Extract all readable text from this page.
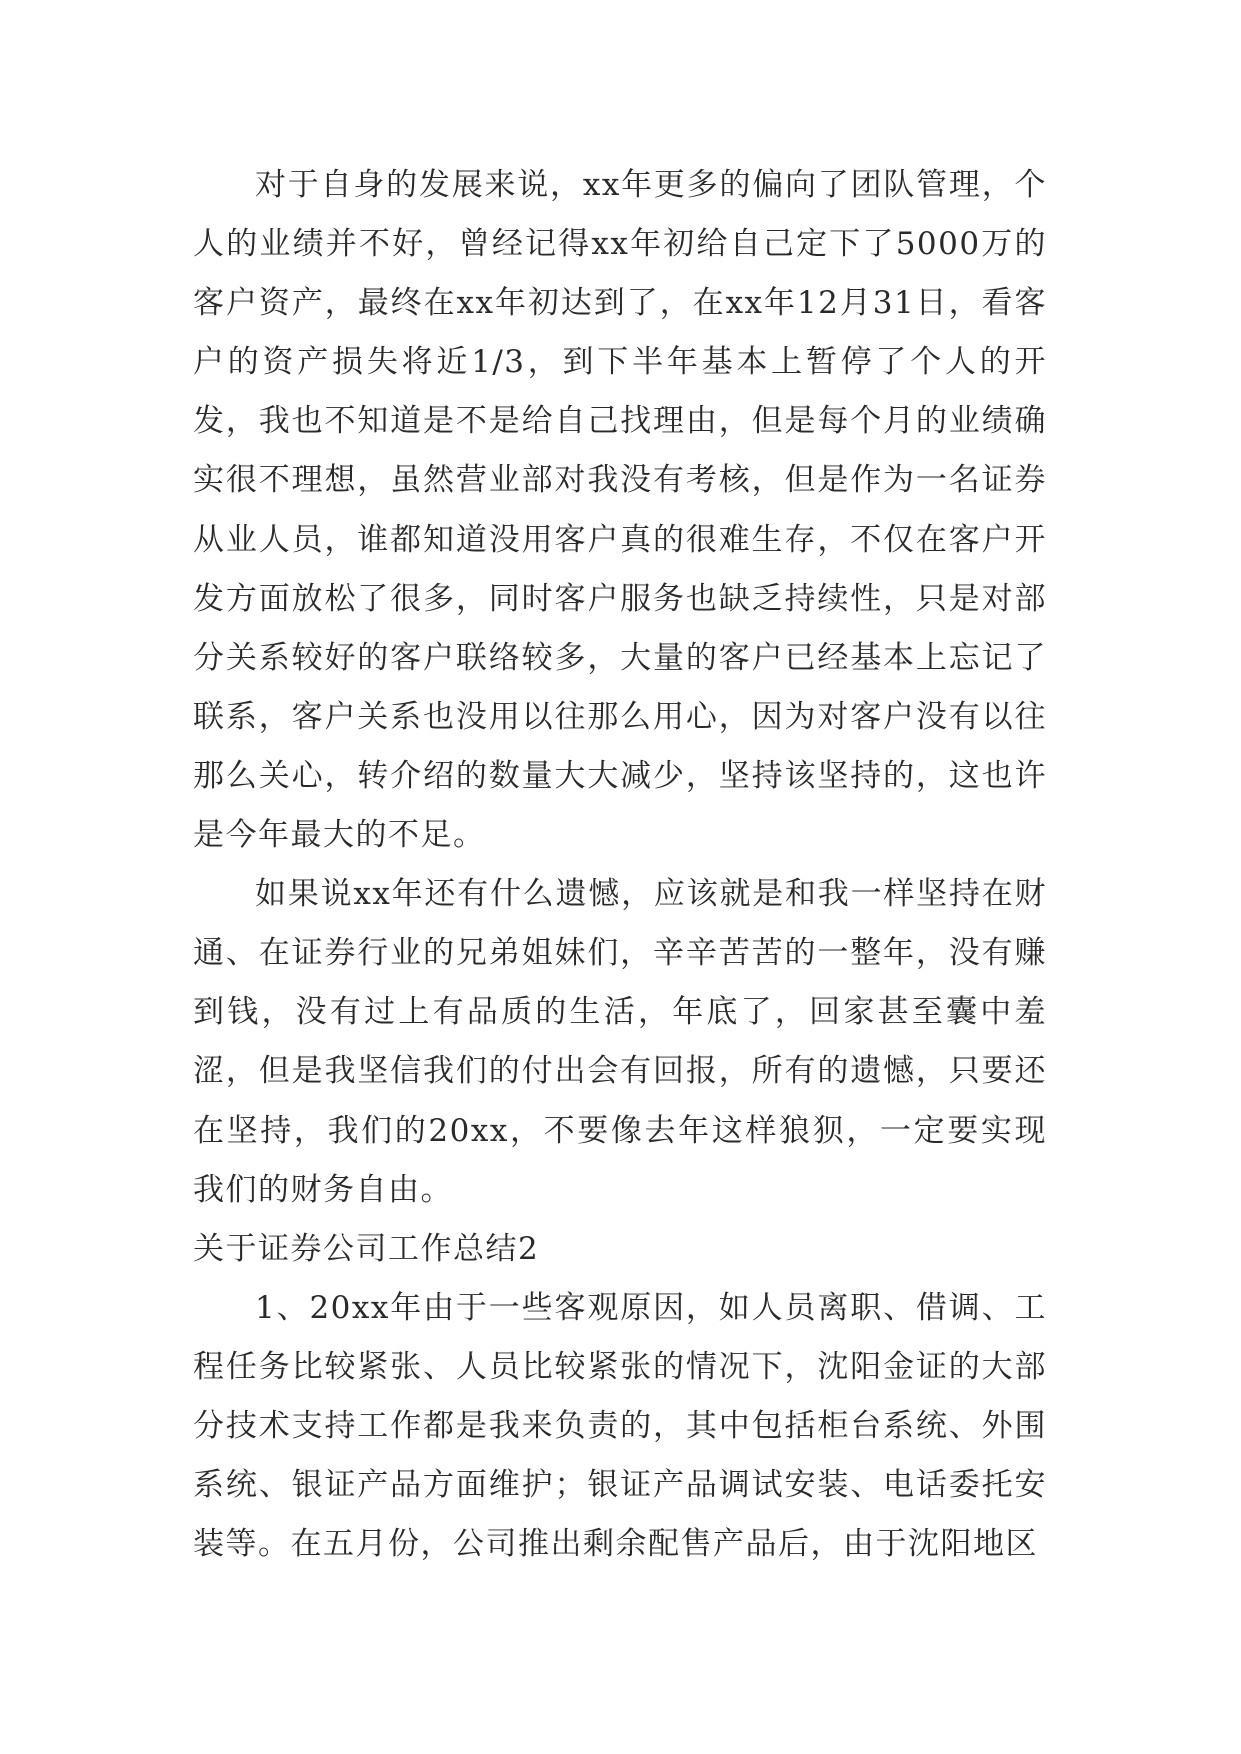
对于自身的发展来说，xx年更多的偏向了团队管理，个人的业绩并不好，曾经记得xx年初给自己定下了5000万的客户资产，最终在xx年初达到了，在xx年12月31日，看客户的资产损失将近1/3，到下半年基本上暂停了个人的开发，我也不知道是不是给自己找理由，但是每个月的业绩确实很不理想，虽然营业部对我没有考核，但是作为一名证券从业人员，谁都知道没用客户真的很难生存，不仅在客户开发方面放松了很多，同时客户服务也缺乏持续性，只是对部分关系较好的客户联络较多，大量的客户已经基本上忘记了联系，客户关系也没用以往那么用心，因为对客户没有以往那么关心，转介绍的数量大大减少，坚持该坚持的，这也许是今年最大的不足。

如果说xx年还有什么遗憾，应该就是和我一样坚持在财通、在证券行业的兄弟姐妹们，辛辛苦苦的一整年，没有赚到钱，没有过上有品质的生活，年底了，回家甚至囊中羞涩，但是我坚信我们的付出会有回报，所有的遗憾，只要还在坚持，我们的20xx，不要像去年这样狼狈，一定要实现我们的财务自由。

关于证券公司工作总结2

1、20xx年由于一些客观原因，如人员离职、借调、工程任务比较紧张、人员比较紧张的情况下，沈阳金证的大部分技术支持工作都是我来负责的，其中包括柜台系统、外围系统、银证产品方面维护；银证产品调试安装、电话委托安装等。在五月份，公司推出剩余配售产品后，由于沈阳地区
